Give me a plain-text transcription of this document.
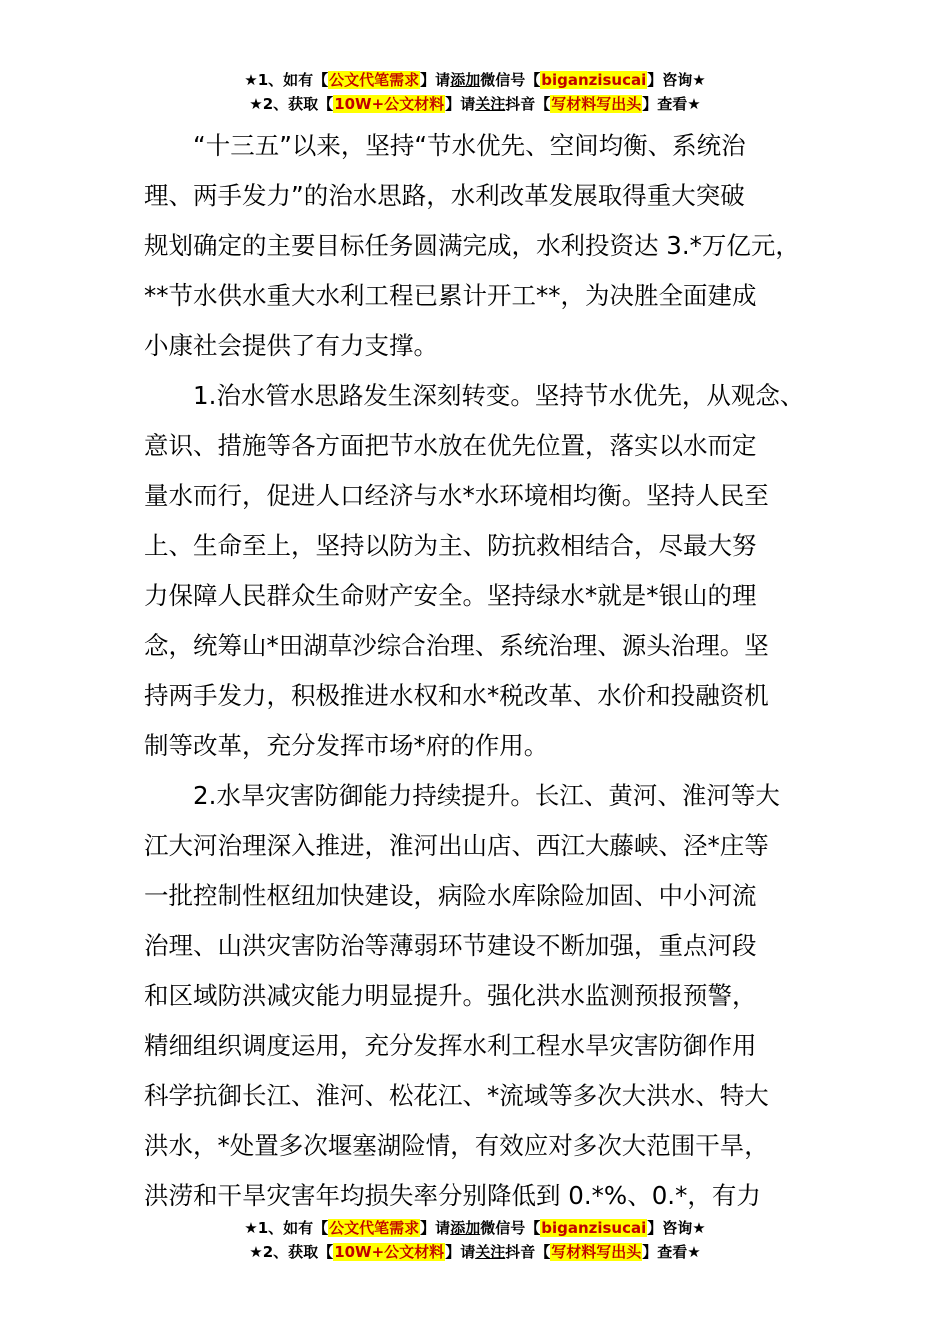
★1、如有【公文代笔需求】请添加微信号【biganzisucai】咨询★
★2、获取【10W+公文材料】请关注抖音【写材料写出头】查看★
　　“十三五”以来，坚持“节水优先、空间均衡、系统治
理、两手发力”的治水思路，水利改革发展取得重大突破
规划确定的主要目标任务圆满完成，水利投资达 3.*万亿元，
**节水供水重大水利工程已累计开工**，为决胜全面建成
小康社会提供了有力支撑。
　　1.治水管水思路发生深刻转变。坚持节水优先，从观念、
意识、措施等各方面把节水放在优先位置，落实以水而定
量水而行，促进人口经济与水*水环境相均衡。坚持人民至
上、生命至上，坚持以防为主、防抗救相结合，尽最大努
力保障人民群众生命财产安全。坚持绿水*就是*银山的理
念，统筹山*田湖草沙综合治理、系统治理、源头治理。坚
持两手发力，积极推进水权和水*税改革、水价和投融资机
制等改革，充分发挥市场*府的作用。
　　2.水旱灾害防御能力持续提升。长江、黄河、淮河等大
江大河治理深入推进，淮河出山店、西江大藤峡、泾*庄等
一批控制性枢纽加快建设，病险水库除险加固、中小河流
治理、山洪灾害防治等薄弱环节建设不断加强，重点河段
和区域防洪减灾能力明显提升。强化洪水监测预报预警，
精细组织调度运用，充分发挥水利工程水旱灾害防御作用
科学抗御长江、淮河、松花江、*流域等多次大洪水、特大
洪水，*处置多次堰塞湖险情，有效应对多次大范围干旱，
洪涝和干旱灾害年均损失率分别降低到 0.*%、0.*，有力
★1、如有【公文代笔需求】请添加微信号【biganzisucai】咨询★
★2、获取【10W+公文材料】请关注抖音【写材料写出头】查看★
